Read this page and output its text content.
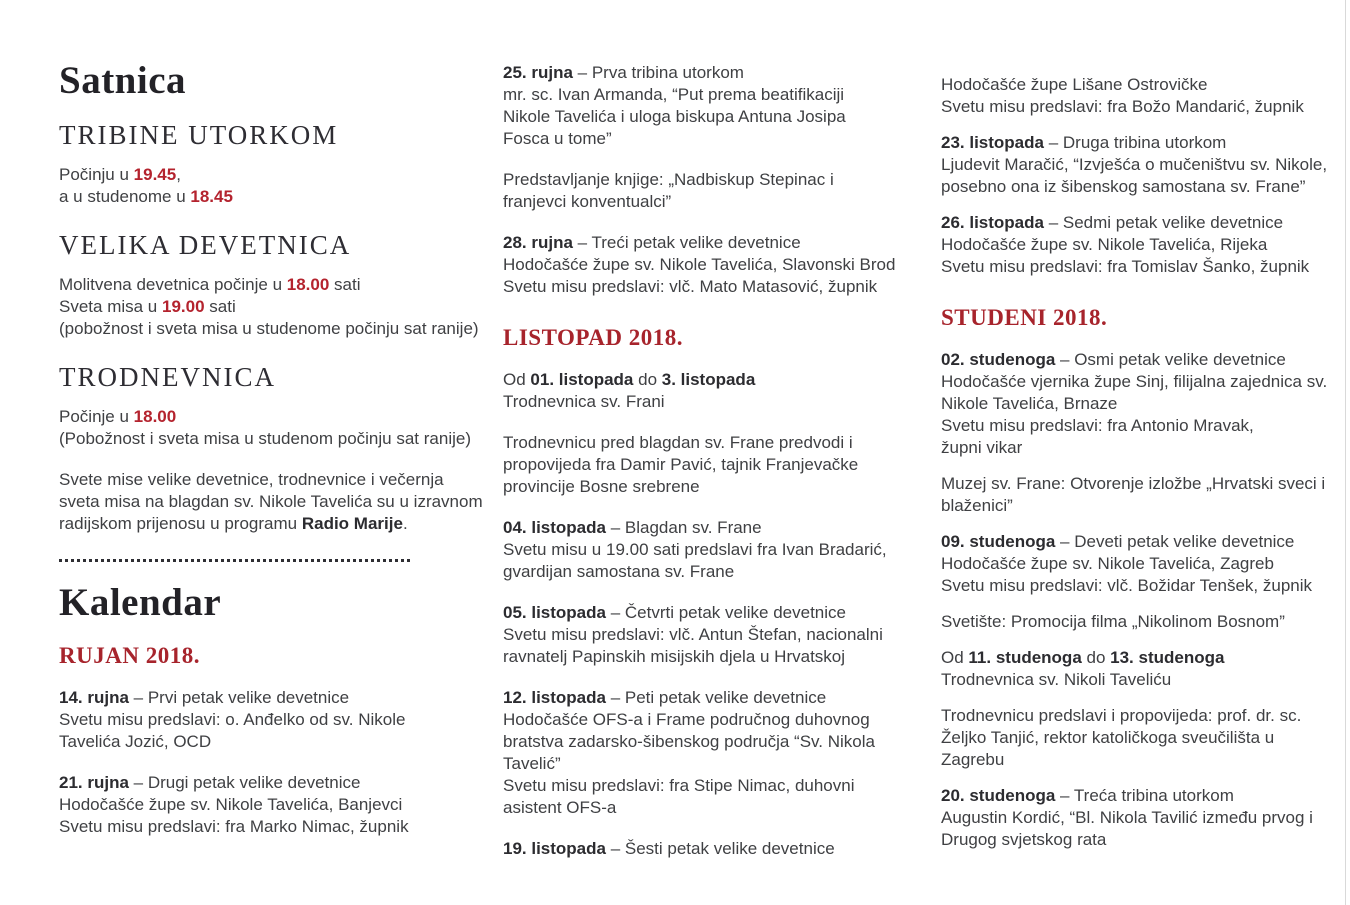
Satnica
TRIBINE UTORKOM

Počinju u 19.45,
a u studenome u 18.45

VELIKA DEVETNICA

Molitvena devetnica počinje u 18.00 sati
Sveta misa u 19.00 sati
(pobožnost i sveta misa u studenome počinju sat ranije)

TRODNEVNICA

Počinje u 18.00
(Pobožnost i sveta misa u studenom počinju sat ranije)

Svete mise velike devetnice, trodnevnice i večernja
sveta misa na blagdan sv. Nikole Tavelića su u izravnom
radijskom prijenosu u programu Radio Marije.

Kalendar
RUJAN 2018.

14. rujna – Prvi petak velike devetnice
Svetu misu predslavi: o. Anđelko od sv. Nikole
Tavelića Jozić, OCD

21. rujna – Drugi petak velike devetnice
Hodočašće župe sv. Nikole Tavelića, Banjevci
Svetu misu predslavi: fra Marko Nimac, župnik

25. rujna – Prva tribina utorkom
mr. sc. Ivan Armanda, “Put prema beatifikaciji
Nikole Tavelića i uloga biskupa Antuna Josipa
Fosca u tome”

Predstavljanje knjige: „Nadbiskup Stepinac i
franjevci konventualci”

28. rujna – Treći petak velike devetnice
Hodočašće župe sv. Nikole Tavelića, Slavonski Brod
Svetu misu predslavi: vlč. Mato Matasović, župnik

LISTOPAD 2018.

Od 01. listopada do 3. listopada
Trodnevnica sv. Frani

Trodnevnicu pred blagdan sv. Frane predvodi i
propovijeda fra Damir Pavić, tajnik Franjevačke
provincije Bosne srebrene

04. listopada – Blagdan sv. Frane
Svetu misu u 19.00 sati predslavi fra Ivan Bradarić,
gvardijan samostana sv. Frane

05. listopada – Četvrti petak velike devetnice
Svetu misu predslavi: vlč. Antun Štefan, nacionalni
ravnatelj Papinskih misijskih djela u Hrvatskoj

12. listopada – Peti petak velike devetnice
Hodočašće OFS-a i Frame područnog duhovnog
bratstva zadarsko-šibenskog područja “Sv. Nikola
Tavelić”
Svetu misu predslavi: fra Stipe Nimac, duhovni
asistent OFS-a

19. listopada – Šesti petak velike devetnice

Hodočašće župe Lišane Ostrovičke
Svetu misu predslavi: fra Božo Mandarić, župnik

23. listopada – Druga tribina utorkom
Ljudevit Maračić, “Izvješća o mučeništvu sv. Nikole,
posebno ona iz šibenskog samostana sv. Frane”

26. listopada – Sedmi petak velike devetnice
Hodočašće župe sv. Nikole Tavelića, Rijeka
Svetu misu predslavi: fra Tomislav Šanko, župnik

STUDENI 2018.

02. studenoga – Osmi petak velike devetnice
Hodočašće vjernika župe Sinj, filijalna zajednica sv.
Nikole Tavelića, Brnaze
Svetu misu predslavi: fra Antonio Mravak,
župni vikar

Muzej sv. Frane: Otvorenje izložbe „Hrvatski sveci i
blaženici”

09. studenoga – Deveti petak velike devetnice
Hodočašće župe sv. Nikole Tavelića, Zagreb
Svetu misu predslavi: vlč. Božidar Tenšek, župnik

Svetište: Promocija filma „Nikolinom Bosnom”

Od 11. studenoga do 13. studenoga
Trodnevnica sv. Nikoli Taveliću

Trodnevnicu predslavi i propovijeda: prof. dr. sc.
Željko Tanjić, rektor katoličkoga sveučilišta u
Zagrebu

20. studenoga – Treća tribina utorkom
Augustin Kordić, “Bl. Nikola Tavilić između prvog i
Drugog svjetskog rata
